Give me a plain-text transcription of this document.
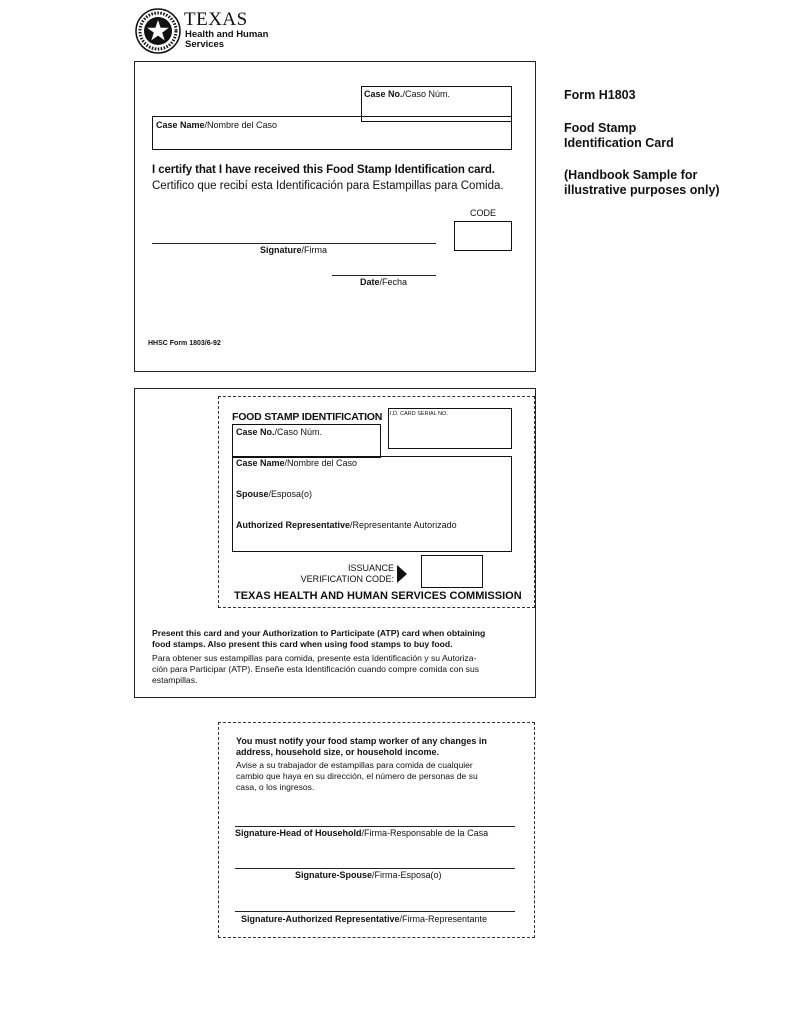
TEXAS
Health and Human
Services
Form H1803
Food Stamp
Identification Card
(Handbook Sample for
illustrative purposes only)
Case No./Caso Núm.
Case Name/Nombre del Caso
I certify that I have received this Food Stamp Identification card.
Certifico que recibí esta Identificación para Estampillas para Comida.
CODE
Signature/Firma
Date/Fecha
HHSC Form 1803/6-92
FOOD STAMP IDENTIFICATION I.D. CARD SERIAL NO.
Case No./Caso Núm.
Case Name/Nombre del Caso
Spouse/Esposa(o)
Authorized Representative/Representante Autorizado
ISSUANCE
VERIFICATION CODE:
TEXAS HEALTH AND HUMAN SERVICES COMMISSION
Present this card and your Authorization to Participate (ATP) card when obtaining
food stamps. Also present this card when using food stamps to buy food.
Para obtener sus estampillas para comida, presente esta Identificación y su Autoriza-
ción para Participar (ATP). Enseñe esta Identificación cuando compre comida con sus
estampillas.
You must notify your food stamp worker of any changes in
address, household size, or household income.
Avise a su trabajador de estampillas para comida de cualquier
cambio que haya en su dirección, el número de personas de su
casa, o los ingresos.
Signature-Head of Household/Firma-Responsable de la Casa
Signature-Spouse/Firma-Esposa(o)
Signature-Authorized Representative/Firma-Representante
